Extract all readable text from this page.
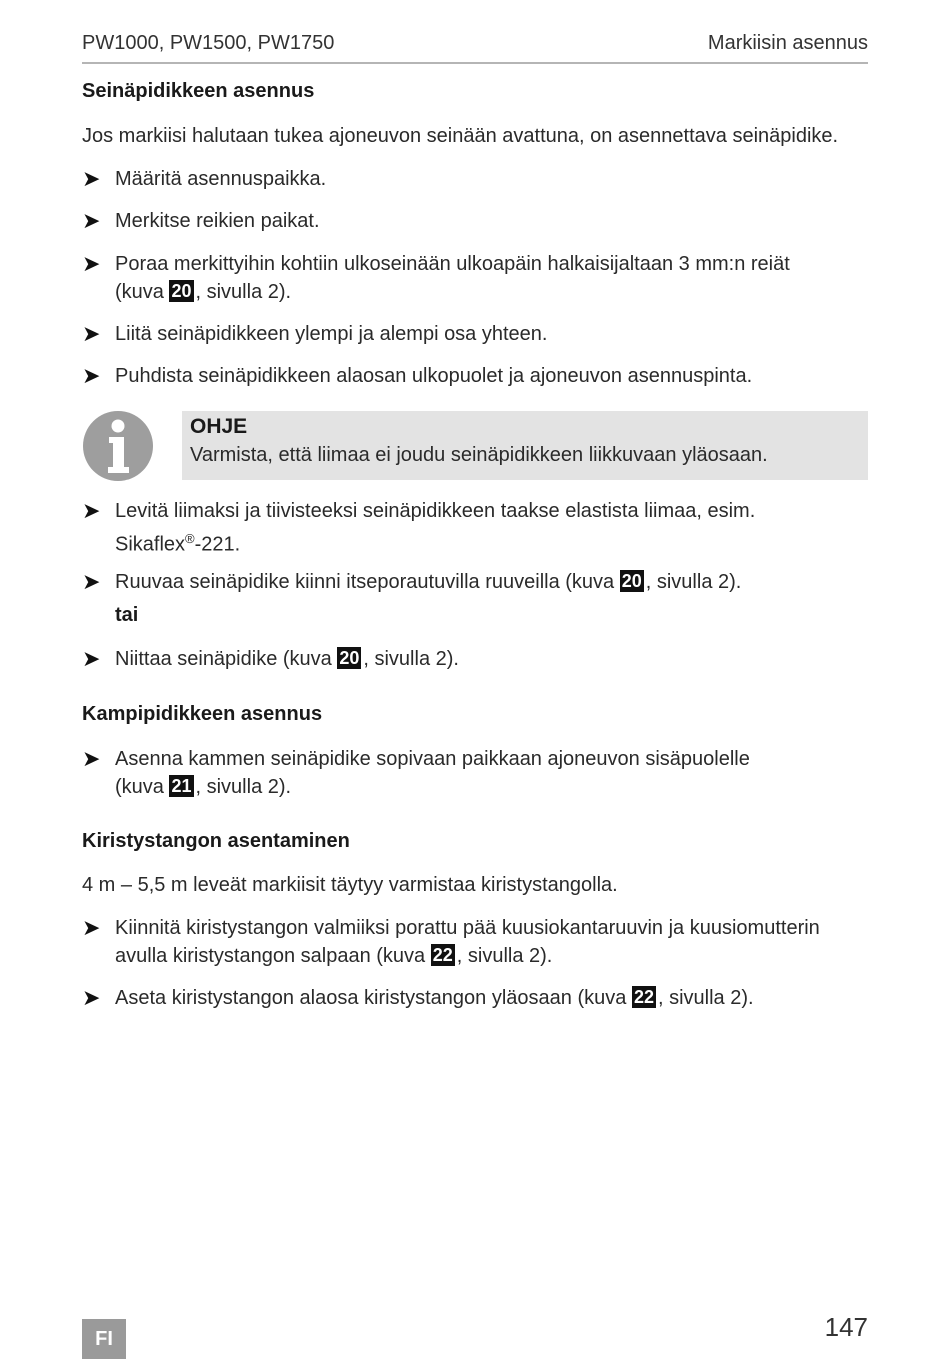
PW1000, PW1500, PW1750	Markiisin asennus
Seinäpidikkeen asennus
Jos markiisi halutaan tukea ajoneuvon seinään avattuna, on asennettava seinäpidike.
➤ Määritä asennuspaikka.
➤ Merkitse reikien paikat.
➤ Poraa merkittyihin kohtiin ulkoseinään ulkoapäin halkaisijaltaan 3 mm:n reiät
(kuva 20 , sivulla 2).
➤ Liitä seinäpidikkeen ylempi ja alempi osa yhteen.
➤ Puhdista seinäpidikkeen alaosan ulkopuolet ja ajoneuvon asennuspinta.
OHJE
Varmista, että liimaa ei joudu seinäpidikkeen liikkuvaan yläosaan.
➤ Levitä liimaksi ja tiivisteeksi seinäpidikkeen taakse elastista liimaa, esim.
Sikaflex®-221.
➤ Ruuvaa seinäpidike kiinni itseporautuvilla ruuveilla (kuva 20 , sivulla 2).
tai
➤ Niittaa seinäpidike (kuva 20 , sivulla 2).
Kampipidikkeen asennus
➤ Asenna kammen seinäpidike sopivaan paikkaan ajoneuvon sisäpuolelle
(kuva 21 , sivulla 2).
Kiristystangon asentaminen
4 m – 5,5 m leveät markiisit täytyy varmistaa kiristystangolla.
➤ Kiinnitä kiristystangon valmiiksi porattu pää kuusiokantaruuvin ja kuusiomutterin
avulla kiristystangon salpaan (kuva 22 , sivulla 2).
➤ Aseta kiristystangon alaosa kiristystangon yläosaan (kuva 22 , sivulla 2).
FI	147
